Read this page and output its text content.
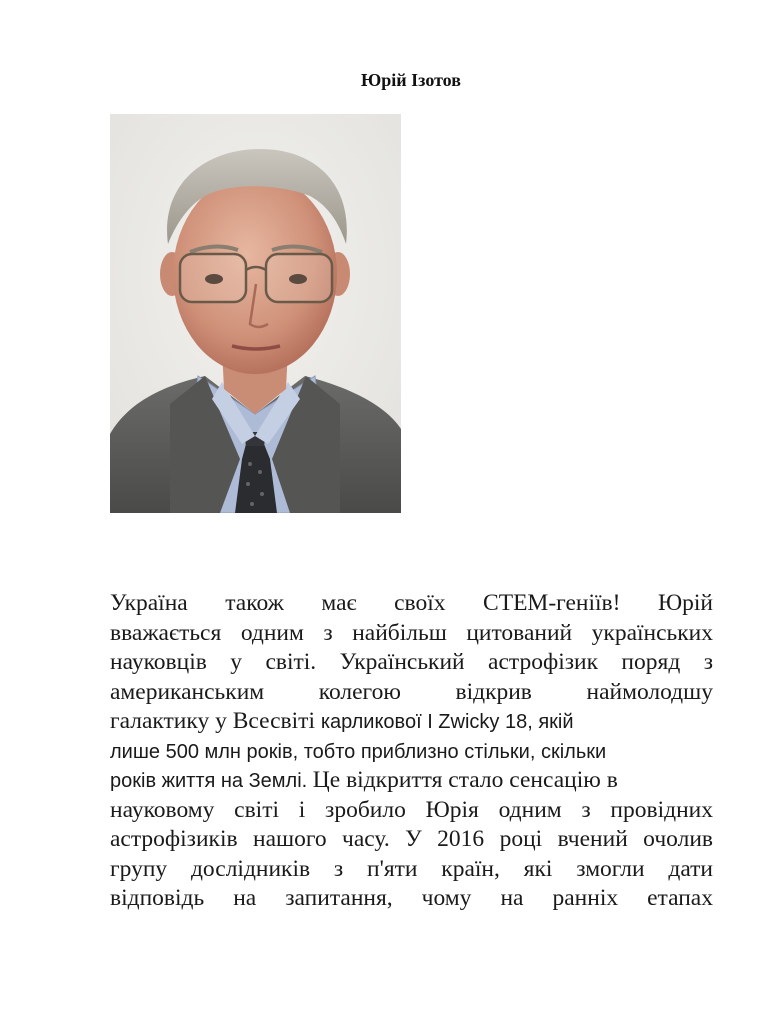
Юрій Ізотов
Україна також має своїх СТЕМ-геніїв! Юрій
вважається одним з найбільш цитований українських
науковців у світі. Український астрофізик поряд з
американським колегою відкрив наймолодшу
галактику у Всесвіті карликової I Zwicky 18, якій
лише 500 млн років, тобто приблизно стільки, скільки
років життя на Землі. Це відкриття стало сенсацію в
науковому світі і зробило Юрія одним з провідних
астрофізиків нашого часу. У 2016 році вчений очолив
групу дослідників з п'яти країн, які змогли дати
відповідь на запитання, чому на ранніх етапах
